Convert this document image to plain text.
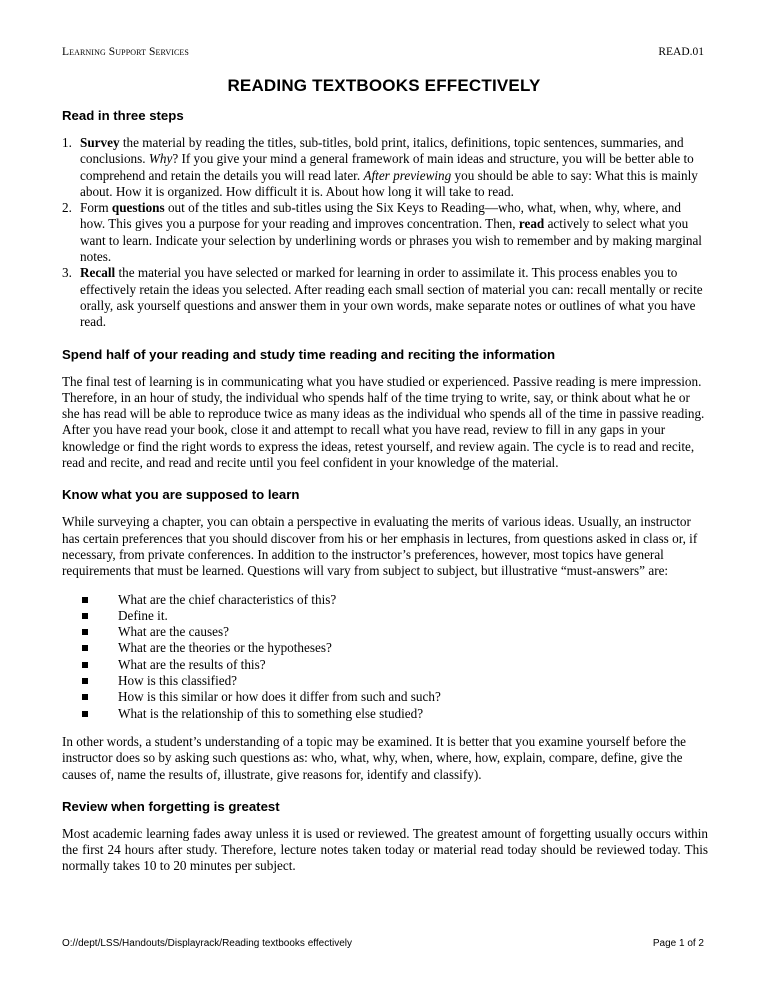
Learning Support Services	READ.01
READING TEXTBOOKS EFFECTIVELY
Read in three steps
1. Survey the material by reading the titles, sub-titles, bold print, italics, definitions, topic sentences, summaries, and conclusions. Why? If you give your mind a general framework of main ideas and structure, you will be better able to comprehend and retain the details you will read later. After previewing you should be able to say: What this is mainly about. How it is organized. How difficult it is. About how long it will take to read.
2. Form questions out of the titles and sub-titles using the Six Keys to Reading—who, what, when, why, where, and how. This gives you a purpose for your reading and improves concentration. Then, read actively to select what you want to learn. Indicate your selection by underlining words or phrases you wish to remember and by making marginal notes.
3. Recall the material you have selected or marked for learning in order to assimilate it. This process enables you to effectively retain the ideas you selected. After reading each small section of material you can: recall mentally or recite orally, ask yourself questions and answer them in your own words, make separate notes or outlines of what you have read.
Spend half of your reading and study time reading and reciting the information

The final test of learning is in communicating what you have studied or experienced. Passive reading is mere impression. Therefore, in an hour of study, the individual who spends half of the time trying to write, say, or think about what he or she has read will be able to reproduce twice as many ideas as the individual who spends all of the time in passive reading. After you have read your book, close it and attempt to recall what you have read, review to fill in any gaps in your knowledge or find the right words to express the ideas, retest yourself, and review again. The cycle is to read and recite, read and recite, and read and recite until you feel confident in your knowledge of the material.

Know what you are supposed to learn

While surveying a chapter, you can obtain a perspective in evaluating the merits of various ideas. Usually, an instructor has certain preferences that you should discover from his or her emphasis in lectures, from questions asked in class or, if necessary, from private conferences. In addition to the instructor’s preferences, however, most topics have general requirements that must be learned. Questions will vary from subject to subject, but illustrative “must-answers” are:

What are the chief characteristics of this?
Define it.
What are the causes?
What are the theories or the hypotheses?
What are the results of this?
How is this classified?
How is this similar or how does it differ from such and such?
What is the relationship of this to something else studied?

In other words, a student’s understanding of a topic may be examined. It is better that you examine yourself before the instructor does so by asking such questions as: who, what, why, when, where, how, explain, compare, define, give the causes of, name the results of, illustrate, give reasons for, identify and classify).

Review when forgetting is greatest

Most academic learning fades away unless it is used or reviewed. The greatest amount of forgetting usually occurs within the first 24 hours after study. Therefore, lecture notes taken today or material read today should be reviewed today. This normally takes 10 to 20 minutes per subject.

O://dept/LSS/Handouts/Displayrack/Reading textbooks effectively	Page 1 of 2
